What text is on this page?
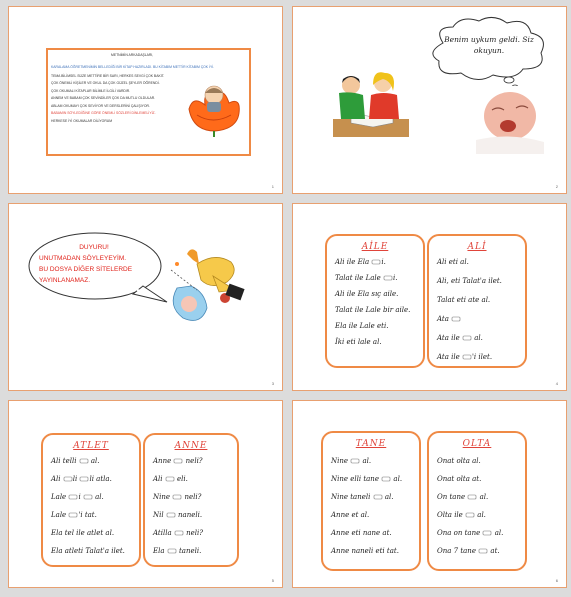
METNİMİN ARKADAŞLARI,
KARALAMA ÖĞRETMENİMİN BELLEDİĞİ BİR KİTAP HAZIRLADI. BU KİTABIM METTİR KİTABIM ÇOK İYİ.
TEMA BİLİMSEL SÜZE METTİRE BİR SARI, HERKES SEVGİ ÇOK BAKIT.
ÇOK ÖNEMLİ KİŞİLER VE OKUL DA ÇOK GÜZEL ŞEYLER ÖĞRENDİ.
ÇOK OKUMALI KİTAPLAR BİLİMLE İLGİLİ VARDIR.
ANNEM VE BABAM ÇOK SEVİNDİLER ÇOK DA MUTLU OLDULAR.
ABLAM OKUMAYI ÇOK SEVİYOR VE DERSLERİNİ ÇALIŞIYOR.
BABAMIN SÖYLEDİĞİNE GÖRE ÖNEMLİ SÖZLERİ DİNLEMELİYİZ.
HERKESE İYİ OKUMALAR DİLİYORUM
1
Benim uykum geldi. Siz okuyun.
2
DUYURU!
UNUTMADAN SÖYLEYEYİM.
BU DOSYA DİĞER SİTELERDE
YAYINLANAMAZ.
3
AİLE
Ali ile Ela i.
Talat ile Lale i.
Ali ile Ela sıç aile.
Talat ile Lale bir aile.
Ela ile Lale eti.
İki eti lale al.
ALİ
Ali eti al.
Ali, eti Talat'a ilet.
Talat eti ate al.
Ata
Ata ile  al.
Ata ile 'i ilet.
4
ATLET
Ali telli  al.
Ali li li atla.
Lale i  al.
Lale 'i tat.
Ela tel ile atlet al.
Ela atleti Talat'a ilet.
ANNE
Anne  neli?
Ali  eli.
Nine  neli?
Nil  naneli.
Atilla  neli?
Ela  taneli.
5
TANE
Nine  al.
Nine elli tane  al.
Nine taneli  al.
Anne et al.
Anne eti nane at.
Anne naneli eti tat.
OLTA
Onat olta al.
Onat olta at.
On tane  al.
Olta ile  al.
Ona on tane  al.
Ona 7 tane  at.
6
